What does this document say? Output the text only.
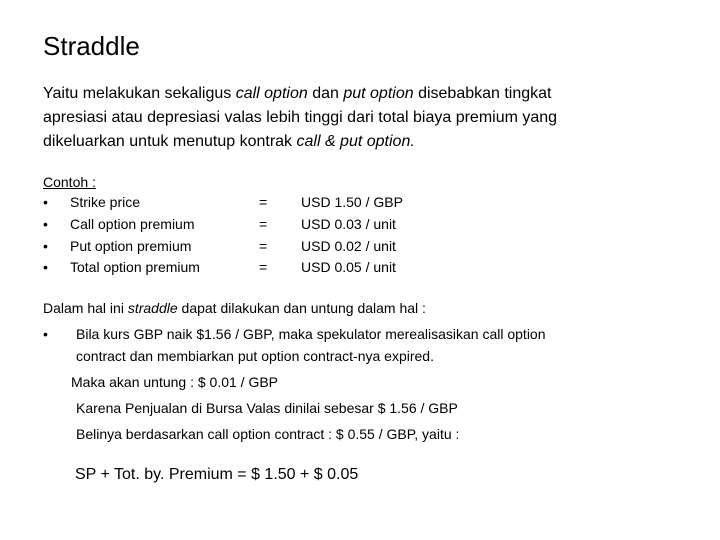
Straddle

Yaitu melakukan sekaligus call option dan put option disebabkan tingkat

apresiasi atau depresiasi valas lebih tinggi dari total biaya premium yang

dikeluarkan untuk menutup kontrak call & put option.

Contoh :
• Strike price	= USD 1.50 / GBP
• Call option premium	= USD 0.03 / unit
• Put option premium	= USD 0.02 / unit
• Total option premium	= USD 0.05 / unit
Dalam hal ini straddle dapat dilakukan dan untung dalam hal :
• Bila kurs GBP naik $1.56 / GBP, maka spekulator merealisasikan call option
contract dan membiarkan put option contract-nya expired.
Maka akan untung : $ 0.01 / GBP
Karena Penjualan di Bursa Valas dinilai sebesar $ 1.56 / GBP
Belinya berdasarkan call option contract : $ 0.55 / GBP, yaitu :
SP + Tot. by. Premium = $ 1.50 + $ 0.05
